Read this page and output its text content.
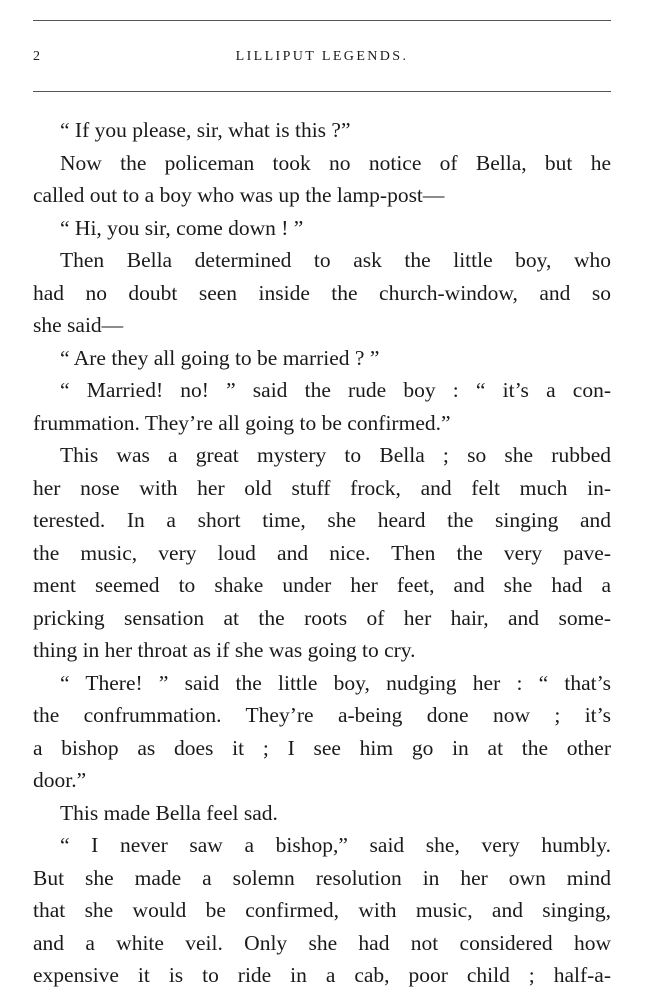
2	LILLIPUT LEGENDS.
“ If you please, sir, what is this ?”
Now the policeman took no notice of Bella, but he
called out to a boy who was up the lamp-post—
“ Hi, you sir, come down ! ”
Then Bella determined to ask the little boy, who
had no doubt seen inside the church-window, and so
she said—
“ Are they all going to be married ? ”
“ Married! no! ” said the rude boy : “ it’s a con-
frummation. They’re all going to be confirmed.”
This was a great mystery to Bella ; so she rubbed
her nose with her old stuff frock, and felt much in-
terested. In a short time, she heard the singing and
the music, very loud and nice. Then the very pave-
ment seemed to shake under her feet, and she had a
pricking sensation at the roots of her hair, and some-
thing in her throat as if she was going to cry.
“ There! ” said the little boy, nudging her : “ that’s
the confrummation. They’re a-being done now ; it’s
a bishop as does it ; I see him go in at the other
door.”
This made Bella feel sad.
“ I never saw a bishop,” said she, very humbly.
But she made a solemn resolution in her own mind
that she would be confirmed, with music, and singing,
and a white veil. Only she had not considered how
expensive it is to ride in a cab, poor child ; half-a-
